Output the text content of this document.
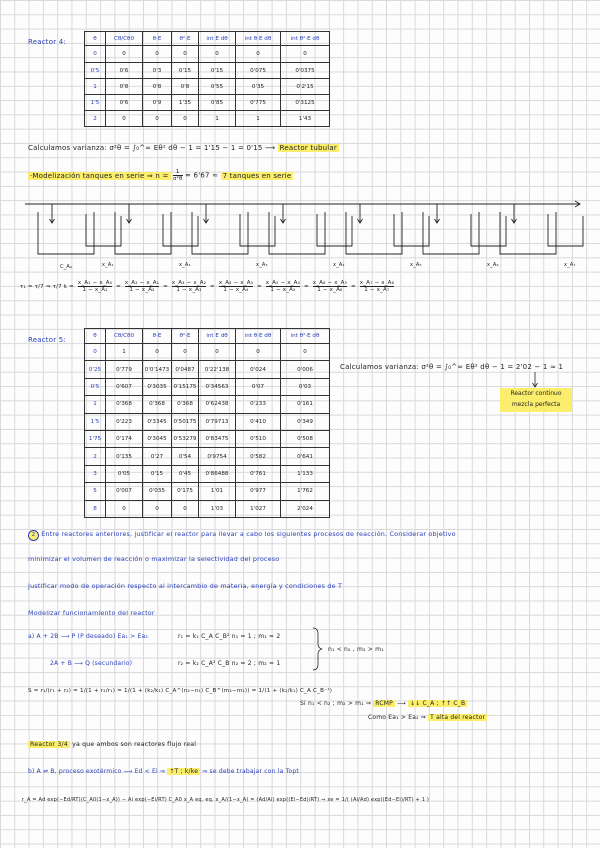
Reactor 4:	θ	Cθ/Cθ0	θ·E	θ²·E	int E dθ	int θ·E dθ	int θ²·E dθ
0	0	0	0	0	0	0
0'5	0'6	0'3	0'15	0'15	0'075	0'0375
1	0'8	0'8	0'8	0'55	0'35	0'2'15
1'5	0'6	0'9	1'35	0'85	0'775	0'3125
2	0	0	0	1	1	1'43
Calculamos varianza: σ²θ = ∫₀^∞ Eθ² dθ − 1 = 1'15 − 1 = 0'15 ⟶ Reactor tubular
·Modelización tanques en serie ⇒ $n = \frac{1}{\text{σ²θ}} = 6'67 \approx 7$ tanques en serie
C_A₀	x_A₁	x_A₂	x_A₃	x_A₄	x_A₅	x_A₆	x_A₇
τ₁ = τ/7 ⇒ τ/7 $k = \frac{\text{x\_A₁ − x\_A₀}}{\text{1 − x\_A₁}} = \frac{\text{x\_A₂ − x\_A₁}}{\text{1 − x\_A₂}} = \frac{\text{x\_A₃ − x\_A₂}}{\text{1 − x\_A₃}} = \frac{\text{x\_A₄ − x\_A₃}}{\text{1 − x\_A₄}} = \frac{\text{x\_A₅ − x\_A₄}}{\text{1 − x\_A₅}} = \frac{\text{x\_A₆ − x\_A₅}}{\text{1 − x\_A₆}} = \frac{\text{x\_A₇ − x\_A₆}}{\text{1 − x\_A₇}}$
Reactor 5:	θ	Cθ/Cθ0	θ·E	θ²·E	int E dθ	int θ·E dθ	int θ²·E dθ
0	1	0	0	0	0	0
0'25	0'779	0'0'1473	0'0487	0'22'138	0'024	0'006
0'5	0'607	0'3035	0'15175	0'34563	0'07	0'03
1	0'368	0'368	0'368	0'62438	0'233	0'161
1'5	0'223	0'3345	0'50175	0'79713	0'410	0'349
1'75	0'174	0'3045	0'53279	0'83475	0'510	0'508
2	0'135	0'27	0'54	0'9754	0'582	0'641
3	0'05	0'15	0'45	0'86488	0'761	1'133
5	0'007	0'035	0'175	1'01	0'977	1'762
8	0	0	0	1'03	1'027	2'024
Calculamos varianza: σ²θ = ∫₀^∞ Eθ² dθ − 1 = 2'02 − 1 ≈ 1
Reactor continuo
mezcla perfecta
2 Entre reactores anteriores, justificar el reactor para llevar a cabo los siguientes procesos de reacción. Considerar objetivo
minimizar el volumen de reacción o maximizar la selectividad del proceso
Justificar modo de operación respecto al intercambio de materia, energía y condiciones de T
Modelizar funcionamiento del reactor
a) A + 2B ⟶ P (P deseado) Ea₁ > Ea₂	r₁ = k₁ C_A C_B² n₁ = 1 ; m₁ = 2
2A + B ⟶ Q (secundario)	r₂ = k₂ C_A² C_B n₂ = 2 ; m₂ = 1
n₁ < n₂ , m₂ > m₁
S = r₁/(r₁ + r₂) = 1/(1 + r₂/r₁) = 1/(1 + (k₂/k₁) C_A^(n₂−n₁) C_B^(m₂−m₁)) = 1/(1 + (k₂/k₁) C_A C_B⁻¹)
Si n₁ < n₂ ; m₂ > m₁ ⇒ RCMP ⟶ ↓↓ C_A ; ↑↑ C_B
Como Ea₁ > Ea₂ ⇒ T alta del reactor
Reactor 3/4 ya que ambos son reactores flujo real
b) A ⇌ B, proceso exotérmico ⟶ Ed < Ei ⇒ ↑T ; k/ke ⇒ se debe trabajar con la Topt
r_A = Ad exp(−Ed/RT)(C_A0(1−x_A)) − Ai exp(−Ei/RT) C_A0 x_A eq. eq. x_A/(1−x_A) = (Ad/Ai) exp((Ei−Ed)/RT) ⇒ xe = 1/( (Ai/Ad) exp((Ed−Ei)/RT) + 1 )
